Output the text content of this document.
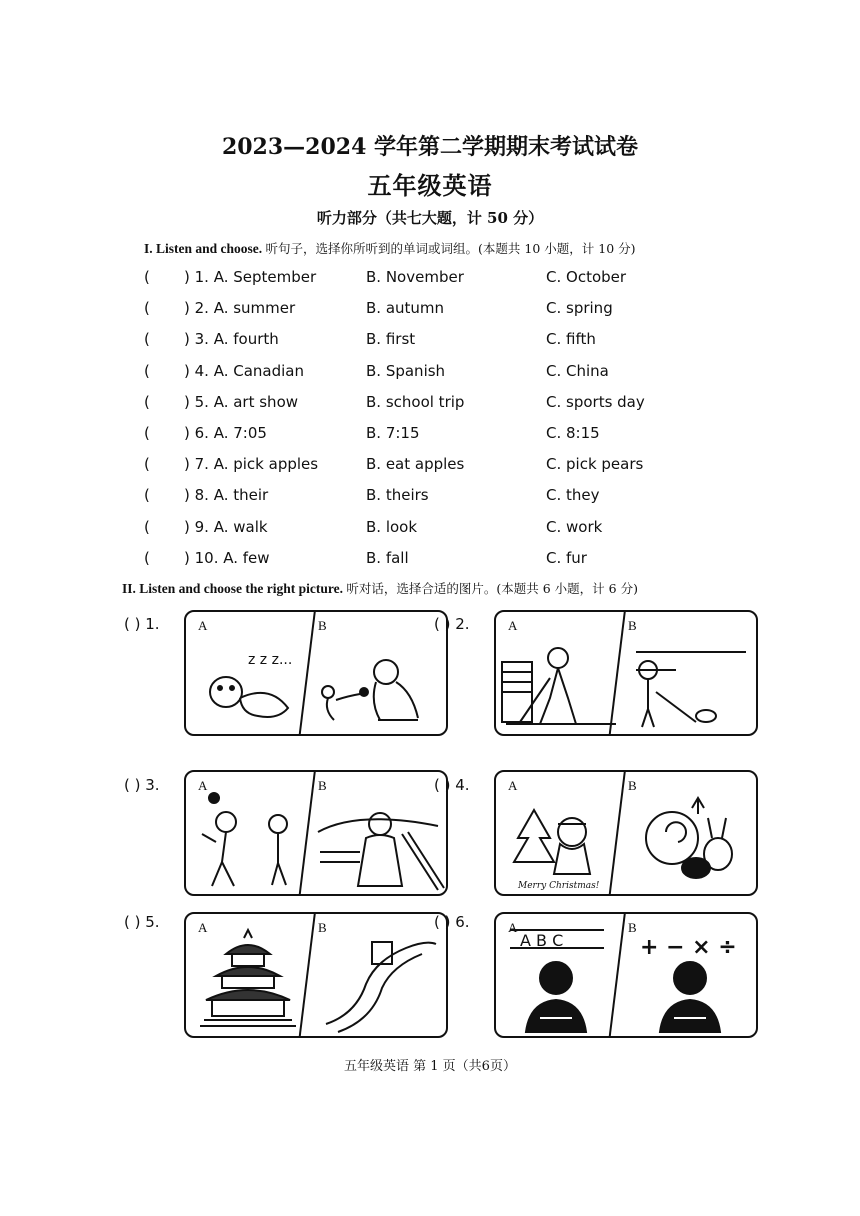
2023—2024 学年第二学期期末考试试卷
五年级英语
听力部分（共七大题，计 50 分）
I. Listen and choose. 听句子，选择你所听到的单词或词组。(本题共 10 小题，计 10 分)
( ) 1. A. September	B. November	C. October
( ) 2. A. summer	B. autumn	C. spring
( ) 3. A. fourth	B. first	C. fifth
( ) 4. A. Canadian	B. Spanish	C. China
( ) 5. A. art show	B. school trip	C. sports day
( ) 6. A. 7:05	B. 7:15	C. 8:15
( ) 7. A. pick apples	B. eat apples	C. pick pears
( ) 8. A. their	B. theirs	C. they
( ) 9. A. walk	B. look	C. work
( ) 10. A. few	B. fall	C. fur
II. Listen and choose the right picture. 听对话，选择合适的图片。(本题共 6 小题，计 6 分)
( ) 1.	( ) 2.
( ) 3.	( ) 4.
( ) 5.	( ) 6.
A	B
z z z...
A	B
A	B	A	B
Merry Christmas!
A	B	A	B
A B C	+ − × ÷
五年级英语 第 1 页（共6页）
